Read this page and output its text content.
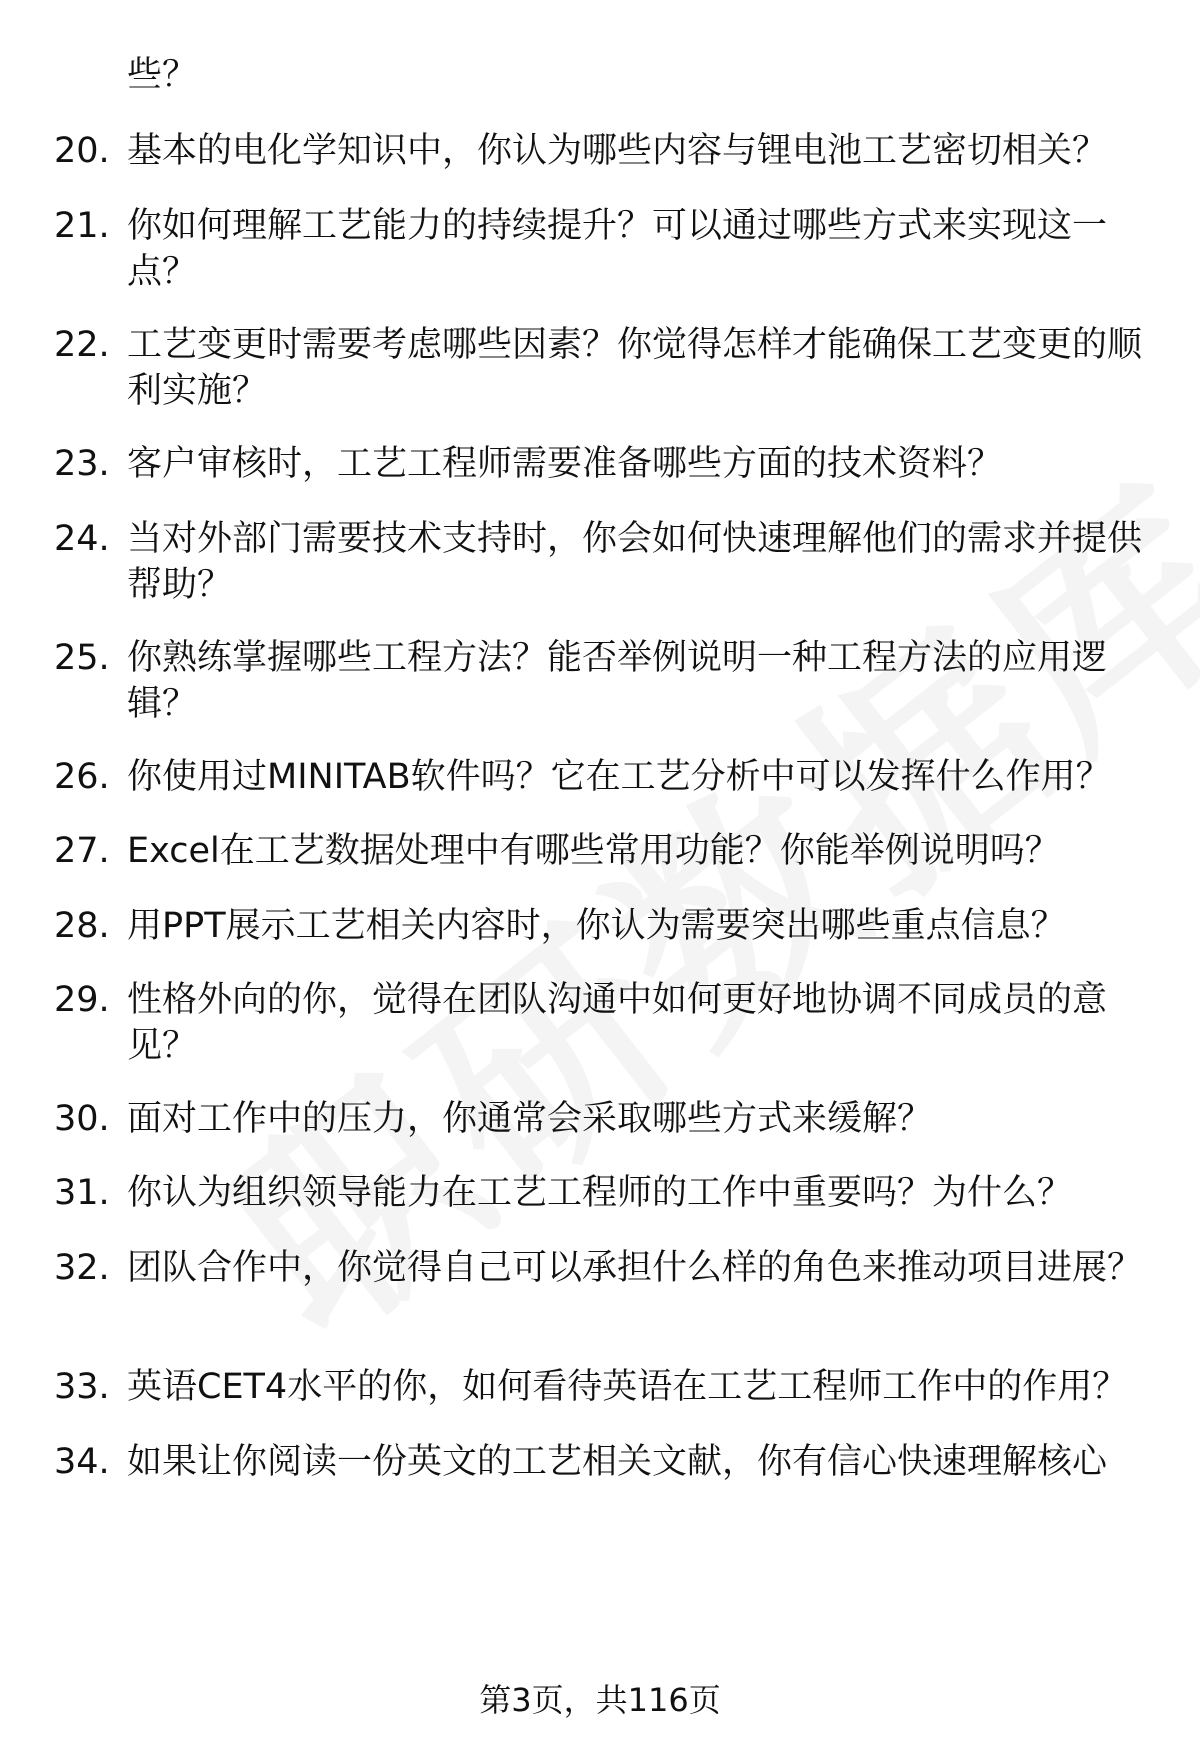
些？
20. 基本的电化学知识中，你认为哪些内容与锂电池工艺密切相关？
21. 你如何理解工艺能力的持续提升？可以通过哪些方式来实现这一点？
22. 工艺变更时需要考虑哪些因素？你觉得怎样才能确保工艺变更的顺利实施？
23. 客户审核时，工艺工程师需要准备哪些方面的技术资料？
24. 当对外部门需要技术支持时，你会如何快速理解他们的需求并提供帮助？
25. 你熟练掌握哪些工程方法？能否举例说明一种工程方法的应用逻辑？
26. 你使用过MINITAB软件吗？它在工艺分析中可以发挥什么作用？
27. Excel在工艺数据处理中有哪些常用功能？你能举例说明吗？
28. 用PPT展示工艺相关内容时，你认为需要突出哪些重点信息？
29. 性格外向的你，觉得在团队沟通中如何更好地协调不同成员的意见？
30. 面对工作中的压力，你通常会采取哪些方式来缓解？
31. 你认为组织领导能力在工艺工程师的工作中重要吗？为什么？
32. 团队合作中，你觉得自己可以承担什么样的角色来推动项目进展？
33. 英语CET4水平的你，如何看待英语在工艺工程师工作中的作用？
34. 如果让你阅读一份英文的工艺相关文献，你有信心快速理解核心
第3页，共116页
